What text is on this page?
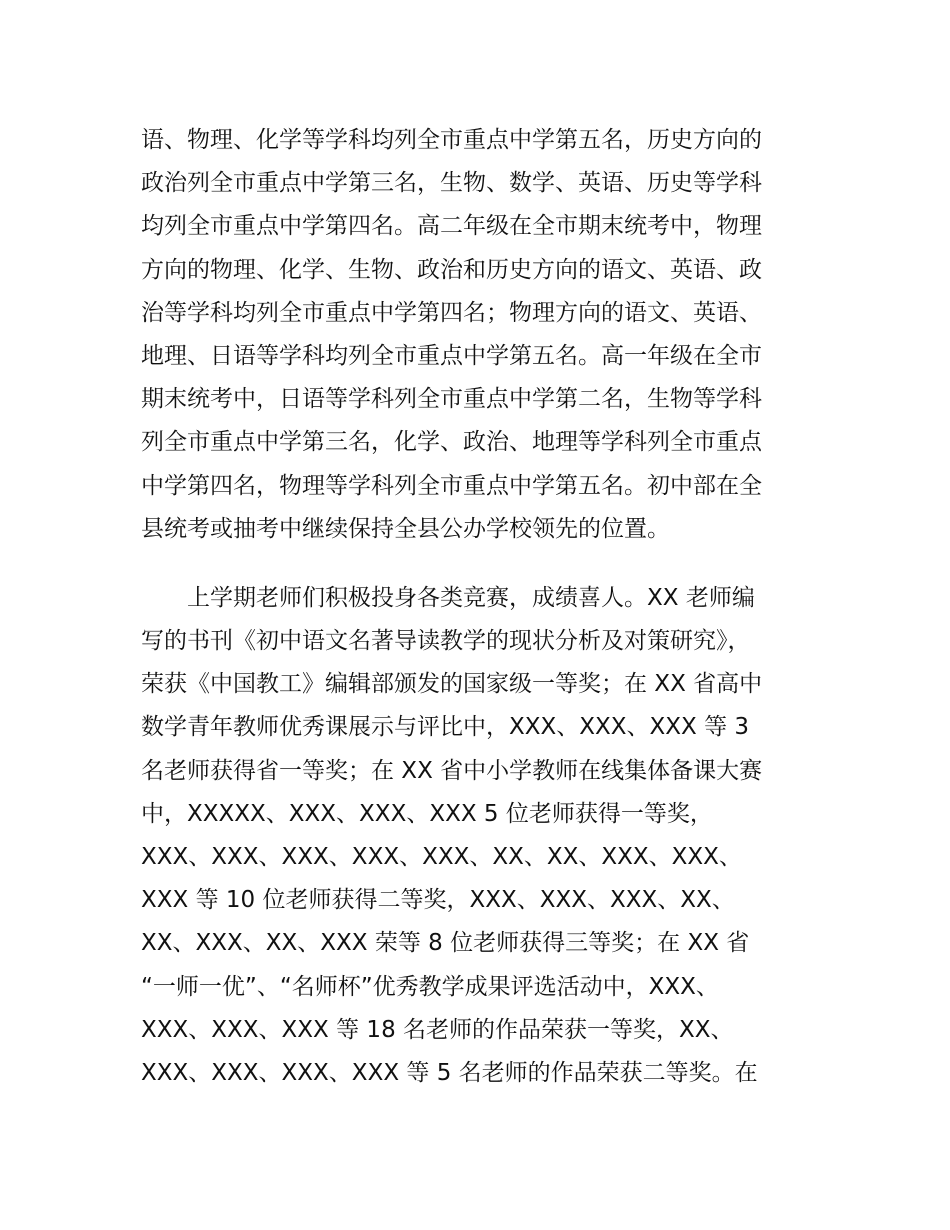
语、物理、化学等学科均列全市重点中学第五名，历史方向的
政治列全市重点中学第三名，生物、数学、英语、历史等学科
均列全市重点中学第四名。高二年级在全市期末统考中，物理
方向的物理、化学、生物、政治和历史方向的语文、英语、政
治等学科均列全市重点中学第四名；物理方向的语文、英语、
地理、日语等学科均列全市重点中学第五名。高一年级在全市
期末统考中，日语等学科列全市重点中学第二名，生物等学科
列全市重点中学第三名，化学、政治、地理等学科列全市重点
中学第四名，物理等学科列全市重点中学第五名。初中部在全
县统考或抽考中继续保持全县公办学校领先的位置。
上学期老师们积极投身各类竞赛，成绩喜人。XX 老师编
写的书刊《初中语文名著导读教学的现状分析及对策研究》，
荣获《中国教工》编辑部颁发的国家级一等奖；在 XX 省高中
数学青年教师优秀课展示与评比中，XXX、XXX、XXX 等 3
名老师获得省一等奖；在 XX 省中小学教师在线集体备课大赛
中，XXXXX、XXX、XXX、XXX 5 位老师获得一等奖，
XXX、XXX、XXX、XXX、XXX、XX、XX、XXX、XXX、
XXX 等 10 位老师获得二等奖，XXX、XXX、XXX、XX、
XX、XXX、XX、XXX 荣等 8 位老师获得三等奖；在 XX 省
“一师一优”、“名师杯”优秀教学成果评选活动中，XXX、
XXX、XXX、XXX 等 18 名老师的作品荣获一等奖，XX、
XXX、XXX、XXX、XXX 等 5 名老师的作品荣获二等奖。在
